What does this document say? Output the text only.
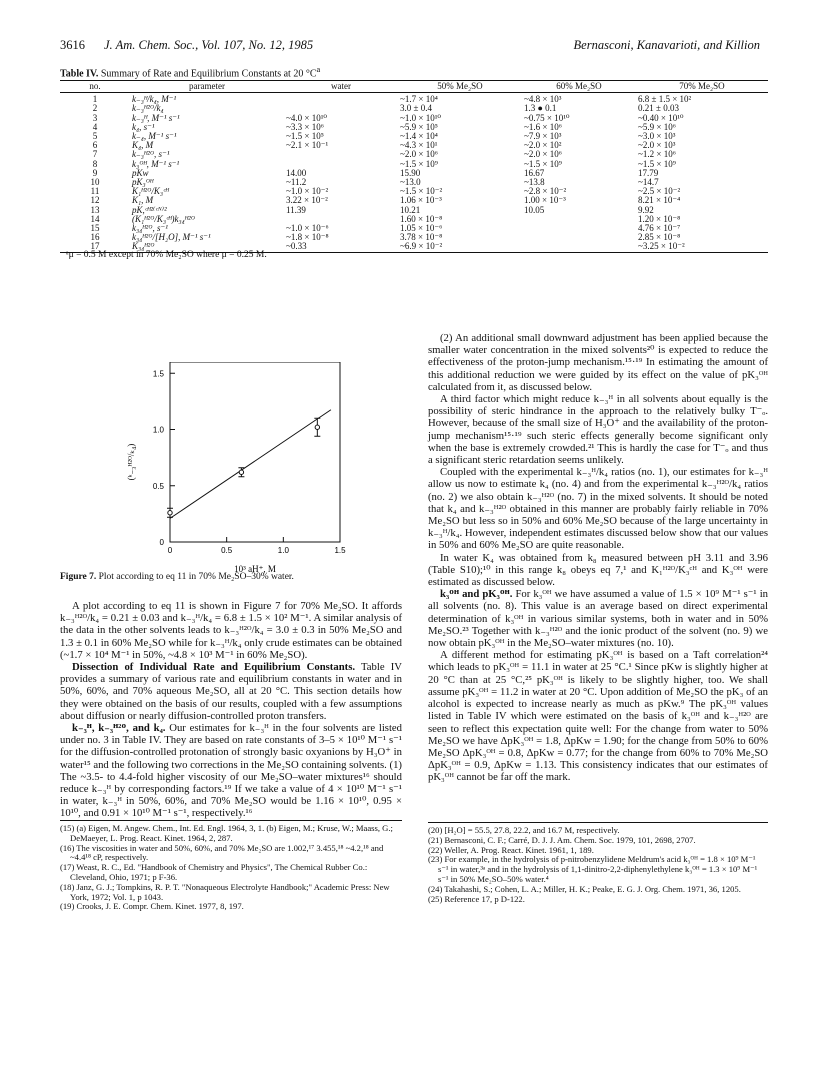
3616 J. Am. Chem. Soc., Vol. 107, No. 12, 1985	Bernasconi, Kanavarioti, and Killion
Table IV. Summary of Rate and Equilibrium Constants at 20 $^\circ C^a$
no.	parameter	water	50% Me₂SO	60% Me₂SO	70% Me₂SO
1	k₋₃ᴴ/k₄, M⁻¹		~1.7 × 10⁴	~4.8 × 10³	6.8 ± 1.5 × 10²
2	k₋₃ᴴ²ᴼ/k₄		3.0 ± 0.4	1.3 ● 0.1	0.21 ± 0.03
3	k₋₃ᴴ, M⁻¹ s⁻¹	~4.0 × 10¹⁰	~1.0 × 10¹⁰	~0.75 × 10¹⁰	~0.40 × 10¹⁰
4	k₄, s⁻¹	~3.3 × 10⁶	~5.9 × 10⁵	~1.6 × 10⁶	~5.9 × 10⁶
5	k₋₄, M⁻¹ s⁻¹	~1.5 × 10⁵	~1.4 × 10⁴	~7.9 × 10³	~3.0 × 10³
6	K₄, M	~2.1 × 10⁻¹	~4.3 × 10¹	~2.0 × 10²	~2.0 × 10³
7	k₋₃ᴴ²ᴼ, s⁻¹		~2.0 × 10⁶	~2.0 × 10⁶	~1.2 × 10⁶
8	k₃ᴼᴴ, M⁻¹ s⁻¹		~1.5 × 10⁹	~1.5 × 10⁹	~1.5 × 10⁹
9	pKw	14.00	15.90	16.67	17.79
10	pK₃ᴼᴴ	~11.2	~13.0	~13.8	~14.7
11	K₁ᴴ²ᴼ/K₃ᶜᴴ	~1.0 × 10⁻²	~1.5 × 10⁻²	~2.8 × 10⁻²	~2.5 × 10⁻²
12	K₁, M	3.22 × 10⁻²	1.06 × 10⁻³	1.00 × 10⁻³	8.21 × 10⁻⁴
13	pK,ᶜᴴ²⁽ᶜᴺ⁾²	11.39	10.21	10.05	9.92
14	(K₁ᴴ²ᴼ/K₃ᶜᴴ)k₃₄ᴴ²ᴼ		1.60 × 10⁻⁸		1.20 × 10⁻⁸
15	k₃₄ᴴ²ᴼ, s⁻¹	~1.0 × 10⁻⁶	1.05 × 10⁻⁶		4.76 × 10⁻⁷
16	k₃₄ᴴ²ᴼ/[H₂O], M⁻¹ s⁻¹	~1.8 × 10⁻⁸	3.78 × 10⁻⁸		2.85 × 10⁻⁸
17	K₃₄ᴴ²ᴼ	~0.33	~6.9 × 10⁻²		~3.25 × 10⁻²
ᵃμ = 0.5 M except in 70% Me₂SO where μ = 0.25 M.
0	0.5	1.0	1.5
0
0.5
1.0
1.5
(ᵏ₋₃ᴴ²ᴼ/ₖ₄)
10³ aH⁺, M
Figure 7. Plot according to eq 11 in 70% Me₂SO–30% water.

A plot according to eq 11 is shown in Figure 7 for 70% Me₂SO. It affords k₋₃ᴴ²ᴼ/k₄ = 0.21 ± 0.03 and k₋₃ᴴ/k₄ = 6.8 ± 1.5 × 10² M⁻¹. A similar analysis of the data in the other solvents leads to k₋₃ᴴ²ᴼ/k₄ = 3.0 ± 0.3 in 50% Me₂SO and 1.3 ± 0.1 in 60% Me₂SO while for k₋₃ᴴ/k₄ only crude estimates can be obtained (~1.7 × 10⁴ M⁻¹ in 50%, ~4.8 × 10³ M⁻¹ in 60% Me₂SO).

Dissection of Individual Rate and Equilibrium Constants. Table IV provides a summary of various rate and equilibrium constants in water and in 50%, 60%, and 70% aqueous Me₂SO, all at 20 °C. This section details how they were obtained on the basis of our results, coupled with a few assumptions about diffusion or nearly diffusion-controlled proton transfers.

k₋₃ᴴ, k₋₃ᴴ²ᴼ, and k₄. Our estimates for k₋₃ᴴ in the four solvents are listed under no. 3 in Table IV. They are based on rate constants of 3–5 × 10¹⁰ M⁻¹ s⁻¹ for the diffusion-controlled protonation of strongly basic oxyanions by H₃O⁺ in water¹⁵ and the following two corrections in the Me₂SO containing solvents. (1) The ~3.5- to 4.4-fold higher viscosity of our Me₂SO–water mixtures¹⁶ should reduce k₋₃ᴴ by corresponding factors.¹⁹ If we take a value of 4 × 10¹⁰ M⁻¹ s⁻¹ in water, k₋₃ᴴ in 50%, 60%, and 70% Me₂SO would be 1.16 × 10¹⁰, 0.95 × 10¹⁰, and 0.91 × 10¹⁰ M⁻¹ s⁻¹, respectively.¹⁶

(2) An additional small downward adjustment has been applied because the smaller water concentration in the mixed solvents²⁰ is expected to reduce the effectiveness of the proton-jump mechanism.¹⁵·¹⁹ In estimating the amount of this additional reduction we were guided by its effect on the value of pK₃ᴼᴴ calculated from it, as discussed below.

A third factor which might reduce k₋₃ᴴ in all solvents about equally is the possibility of steric hindrance in the approach to the relatively bulky T⁻ₒ. However, because of the small size of H₃O⁺ and the availability of the proton-jump mechanism¹⁵·¹⁹ such steric effects generally become significant only when the base is extremely crowded.²¹ This is hardly the case for T⁻ₒ and thus a significant steric retardation seems unlikely.

Coupled with the experimental k₋₃ᴴ/k₄ ratios (no. 1), our estimates for k₋₃ᴴ allow us now to estimate k₄ (no. 4) and from the experimental k₋₃ᴴ²ᴼ/k₄ ratios (no. 2) we also obtain k₋₃ᴴ²ᴼ (no. 7) in the mixed solvents. It should be noted that k₄ and k₋₃ᴴ²ᴼ obtained in this manner are probably fairly reliable in 70% Me₂SO but less so in 50% and 60% Me₂SO because of the large uncertainty in k₋₃ᴴ/k₄. However, independent estimates discussed below show that our values in 50% and 60% Me₂SO are quite reasonable.

In water K₄ was obtained from k₈ measured between pH 3.11 and 3.96 (Table S10);¹⁰ in this range k₈ obeys eq 7,¹ and K₁ᴴ²ᴼ/K₃ᶜᴴ and K₃ᴼᴴ were estimated as discussed below.

k₃ᴼᴴ and pK₃ᴼᴴ. For k₃ᴼᴴ we have assumed a value of 1.5 × 10⁹ M⁻¹ s⁻¹ in all solvents (no. 8). This value is an average based on direct experimental determination of k₃ᴼᴴ in various similar systems, both in water and in 50% Me₂SO.²³ Together with k₋₃ᴴ²ᴼ and the ionic product of the solvent (no. 9) we now obtain pK₃ᴼᴴ in the Me₂SO–water mixtures (no. 10).

A different method for estimating pK₃ᴼᴴ is based on a Taft correlation²⁴ which leads to pK₃ᴼᴴ = 11.1 in water at 25 °C.¹ Since pKw is slightly higher at 20 °C than at 25 °C,²⁵ pK₃ᴼᴴ is likely to be slightly higher, too. We shall assume pK₃ᴼᴴ = 11.2 in water at 20 °C. Upon addition of Me₂SO the pK₃ of an alcohol is expected to increase nearly as much as pKw.⁹ The pK₃ᴼᴴ values listed in Table IV which were estimated on the basis of k₃ᴼᴴ and k₋₃ᴴ²ᴼ are seen to reflect this expectation quite well: For the change from water to 50% Me₂SO we have ΔpK₃ᴼᴴ = 1.8, ΔpKw = 1.90; for the change from 50% to 60% Me₂SO ΔpK₃ᴼᴴ = 0.8, ΔpKw = 0.77; for the change from 60% to 70% Me₂SO ΔpK₃ᴼᴴ = 0.9, ΔpKw = 1.13. This consistency indicates that our estimates of pK₃ᴼᴴ cannot be far off the mark.

(15) (a) Eigen, M. Angew. Chem., Int. Ed. Engl. 1964, 3, 1. (b) Eigen, M.; Kruse, W.; Maass, G.; DeMaeyer, L. Prog. React. Kinet. 1964, 2, 287.

(16) The viscosities in water and 50%, 60%, and 70% Me₂SO are 1.002,¹⁷ 3.455,¹⁸ ~4.2,¹⁸ and ~4.4¹⁸ cP, respectively.

(17) Weast, R. C., Ed. "Handbook of Chemistry and Physics", The Chemical Rubber Co.: Cleveland, Ohio, 1971; p F-36.

(18) Janz, G. J.; Tompkins, R. P. T. "Nonaqueous Electrolyte Handbook;" Academic Press: New York, 1972; Vol. 1, p 1043.

(19) Crooks, J. E. Compr. Chem. Kinet. 1977, 8, 197.

(20) [H₂O] = 55.5, 27.8, 22.2, and 16.7 M, respectively.

(21) Bernasconi, C. F.; Carré, D. J. J. Am. Chem. Soc. 1979, 101, 2698, 2707.

(22) Weller, A. Prog. React. Kinet. 1961, 1, 189.

(23) For example, in the hydrolysis of p-nitrobenzylidene Meldrum's acid k₃ᴼᴴ = 1.8 × 10⁹ M⁻¹ s⁻¹ in water,³ᵃ and in the hydrolysis of 1,1-dinitro-2,2-diphenylethylene k₃ᴼᴴ = 1.3 × 10⁹ M⁻¹ s⁻¹ in 50% Me₂SO–50% water.⁴

(24) Takahashi, S.; Cohen, L. A.; Miller, H. K.; Peake, E. G. J. Org. Chem. 1971, 36, 1205.

(25) Reference 17, p D-122.
